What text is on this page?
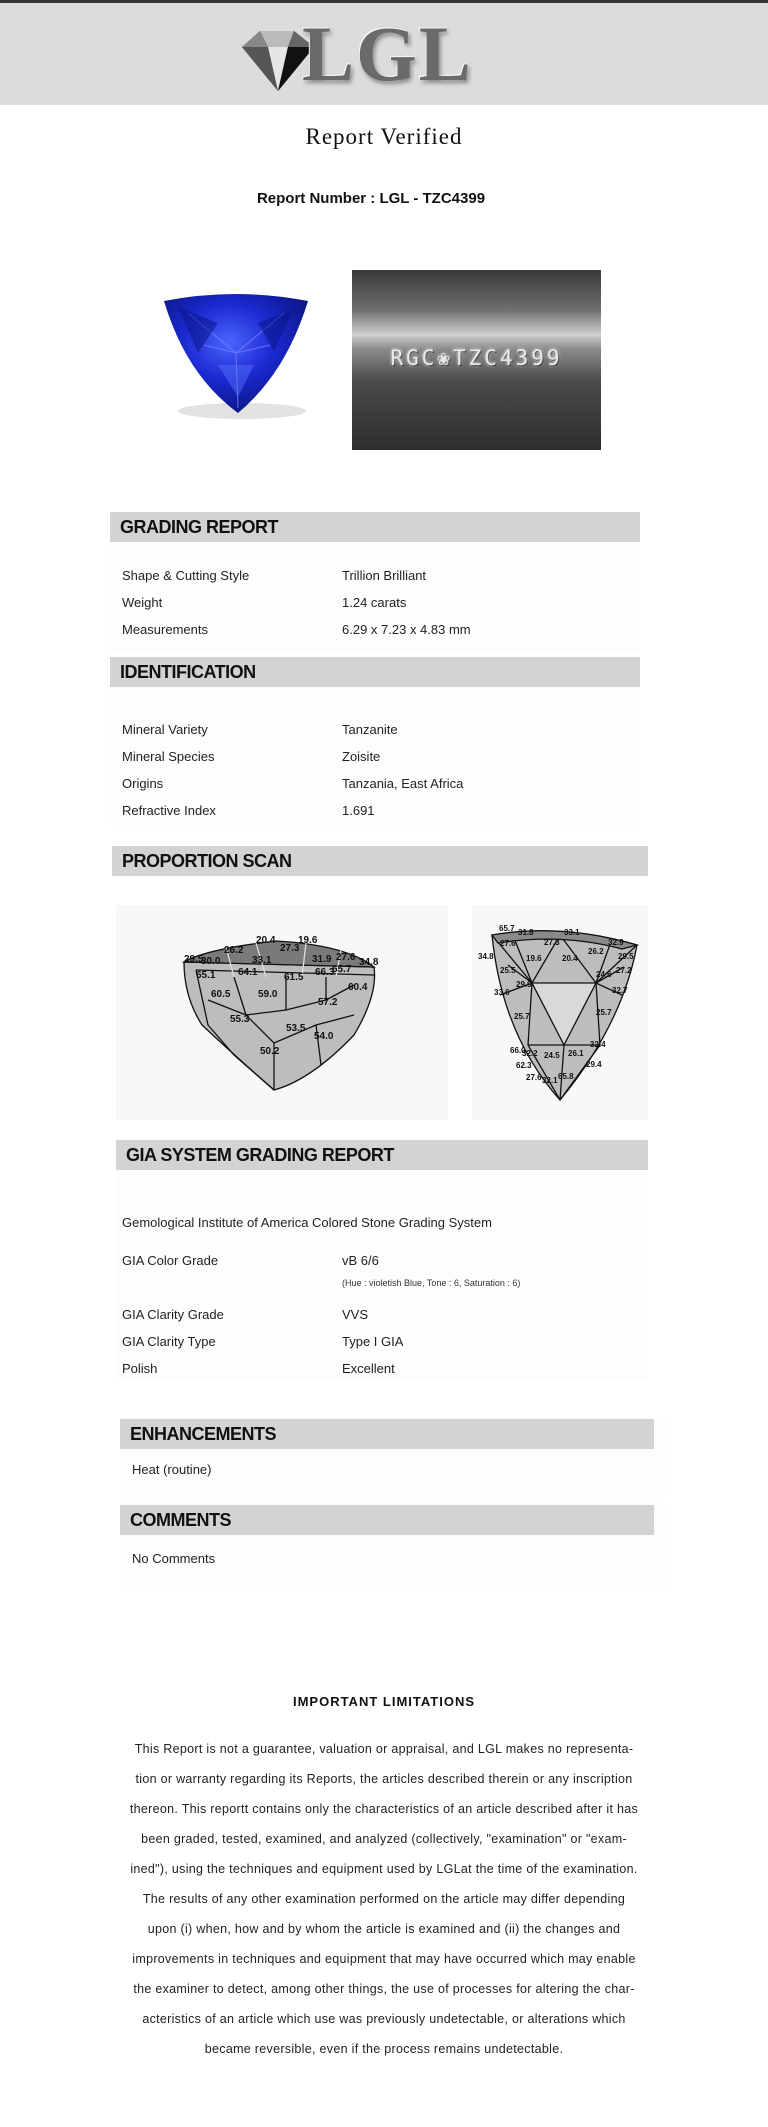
LGL
Report Verified
Report Number : LGL - TZC4399
RGC❀TZC4399
GRADING REPORT
Shape & Cutting Style	Trillion Brilliant
Weight	1.24 carats
Measurements	6.29 x 7.23 x 4.83 mm
IDENTIFICATION
Mineral Variety	Tanzanite
Mineral Species	Zoisite
Origins	Tanzania, East Africa
Refractive Index	1.691
PROPORTION SCAN
20.4 19.6
26.2	27.3
29.5
30.0	33.1	31.9 27.6 34.8
65.7
66.3
65.1 64.1	61.5
60.4
60.5	59.0
57.2
55.3
53.5
54.0
50.2
65.7 31.8	33.1
27.6	27.3
26.2
32.9
34.8	19.6	20.4	29.5
25.5	27.2
29.9
24.6
33.6	32.7
25.7
25.7
32.4
66.0
32.2 24.5 26.1
62.3	29.4
27.6 32.1 65.8
GIA SYSTEM GRADING REPORT
Gemological Institute of America Colored Stone Grading System
GIA Color Grade	vB 6/6
(Hue : violetish Blue, Tone : 6, Saturation : 6)
GIA Clarity Grade	VVS
GIA Clarity Type	Type I GIA
Polish	Excellent
ENHANCEMENTS
Heat (routine)
COMMENTS
No Comments
IMPORTANT LIMITATIONS
This Report is not a guarantee, valuation or appraisal, and LGL makes no representa-
tion or warranty regarding its Reports, the articles described therein or any inscription
thereon. This reportt contains only the characteristics of an article described after it has
been graded, tested, examined, and analyzed (collectively, "examination" or "exam-
ined"), using the techniques and equipment used by LGLat the time of the examination.
The results of any other examination performed on the article may differ depending
upon (i) when, how and by whom the article is examined and (ii) the changes and
improvements in techniques and equipment that may have occurred which may enable
the examiner to detect, among other things, the use of processes for altering the char-
acteristics of an article which use was previously undetectable, or alterations which
became reversible, even if the process remains undetectable.
